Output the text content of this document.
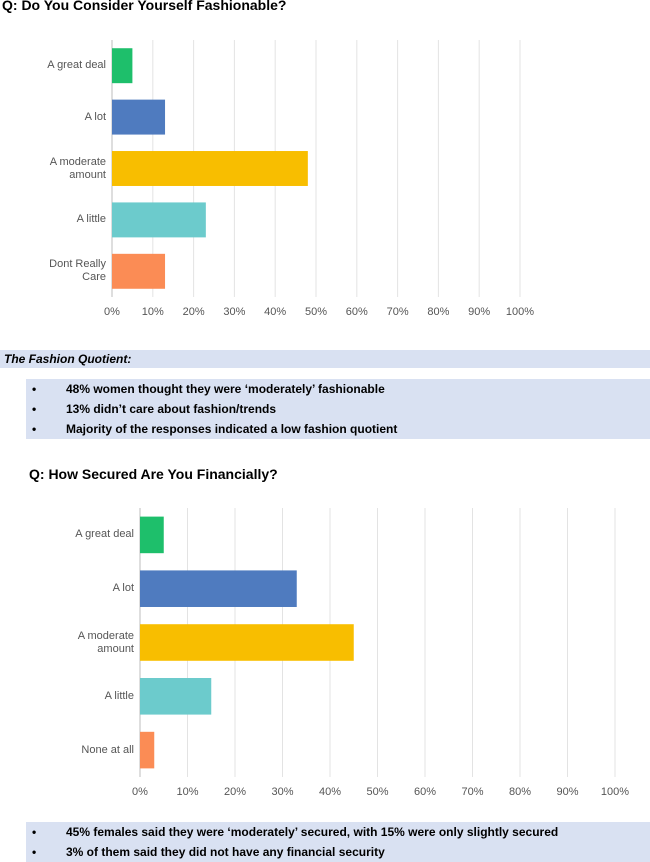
Q: Do You Consider Yourself Fashionable?
0% 10% 20% 30% 40% 50% 60% 70% 80% 90% 100%
A great deal
A lot
A moderate
amount
A little
Dont Really
Care
The Fashion Quotient:
• 48% women thought they were ‘moderately’ fashionable
• 13% didn’t care about fashion/trends
• Majority of the responses indicated a low fashion quotient
Q: How Secured Are You Financially?
0%	10% 20% 30% 40% 50% 60% 70% 80% 90% 100%
A great deal
A lot
A moderate
amount
A little
None at all
• 45% females said they were ‘moderately’ secured, with 15% were only slightly secured
• 3% of them said they did not have any financial security
